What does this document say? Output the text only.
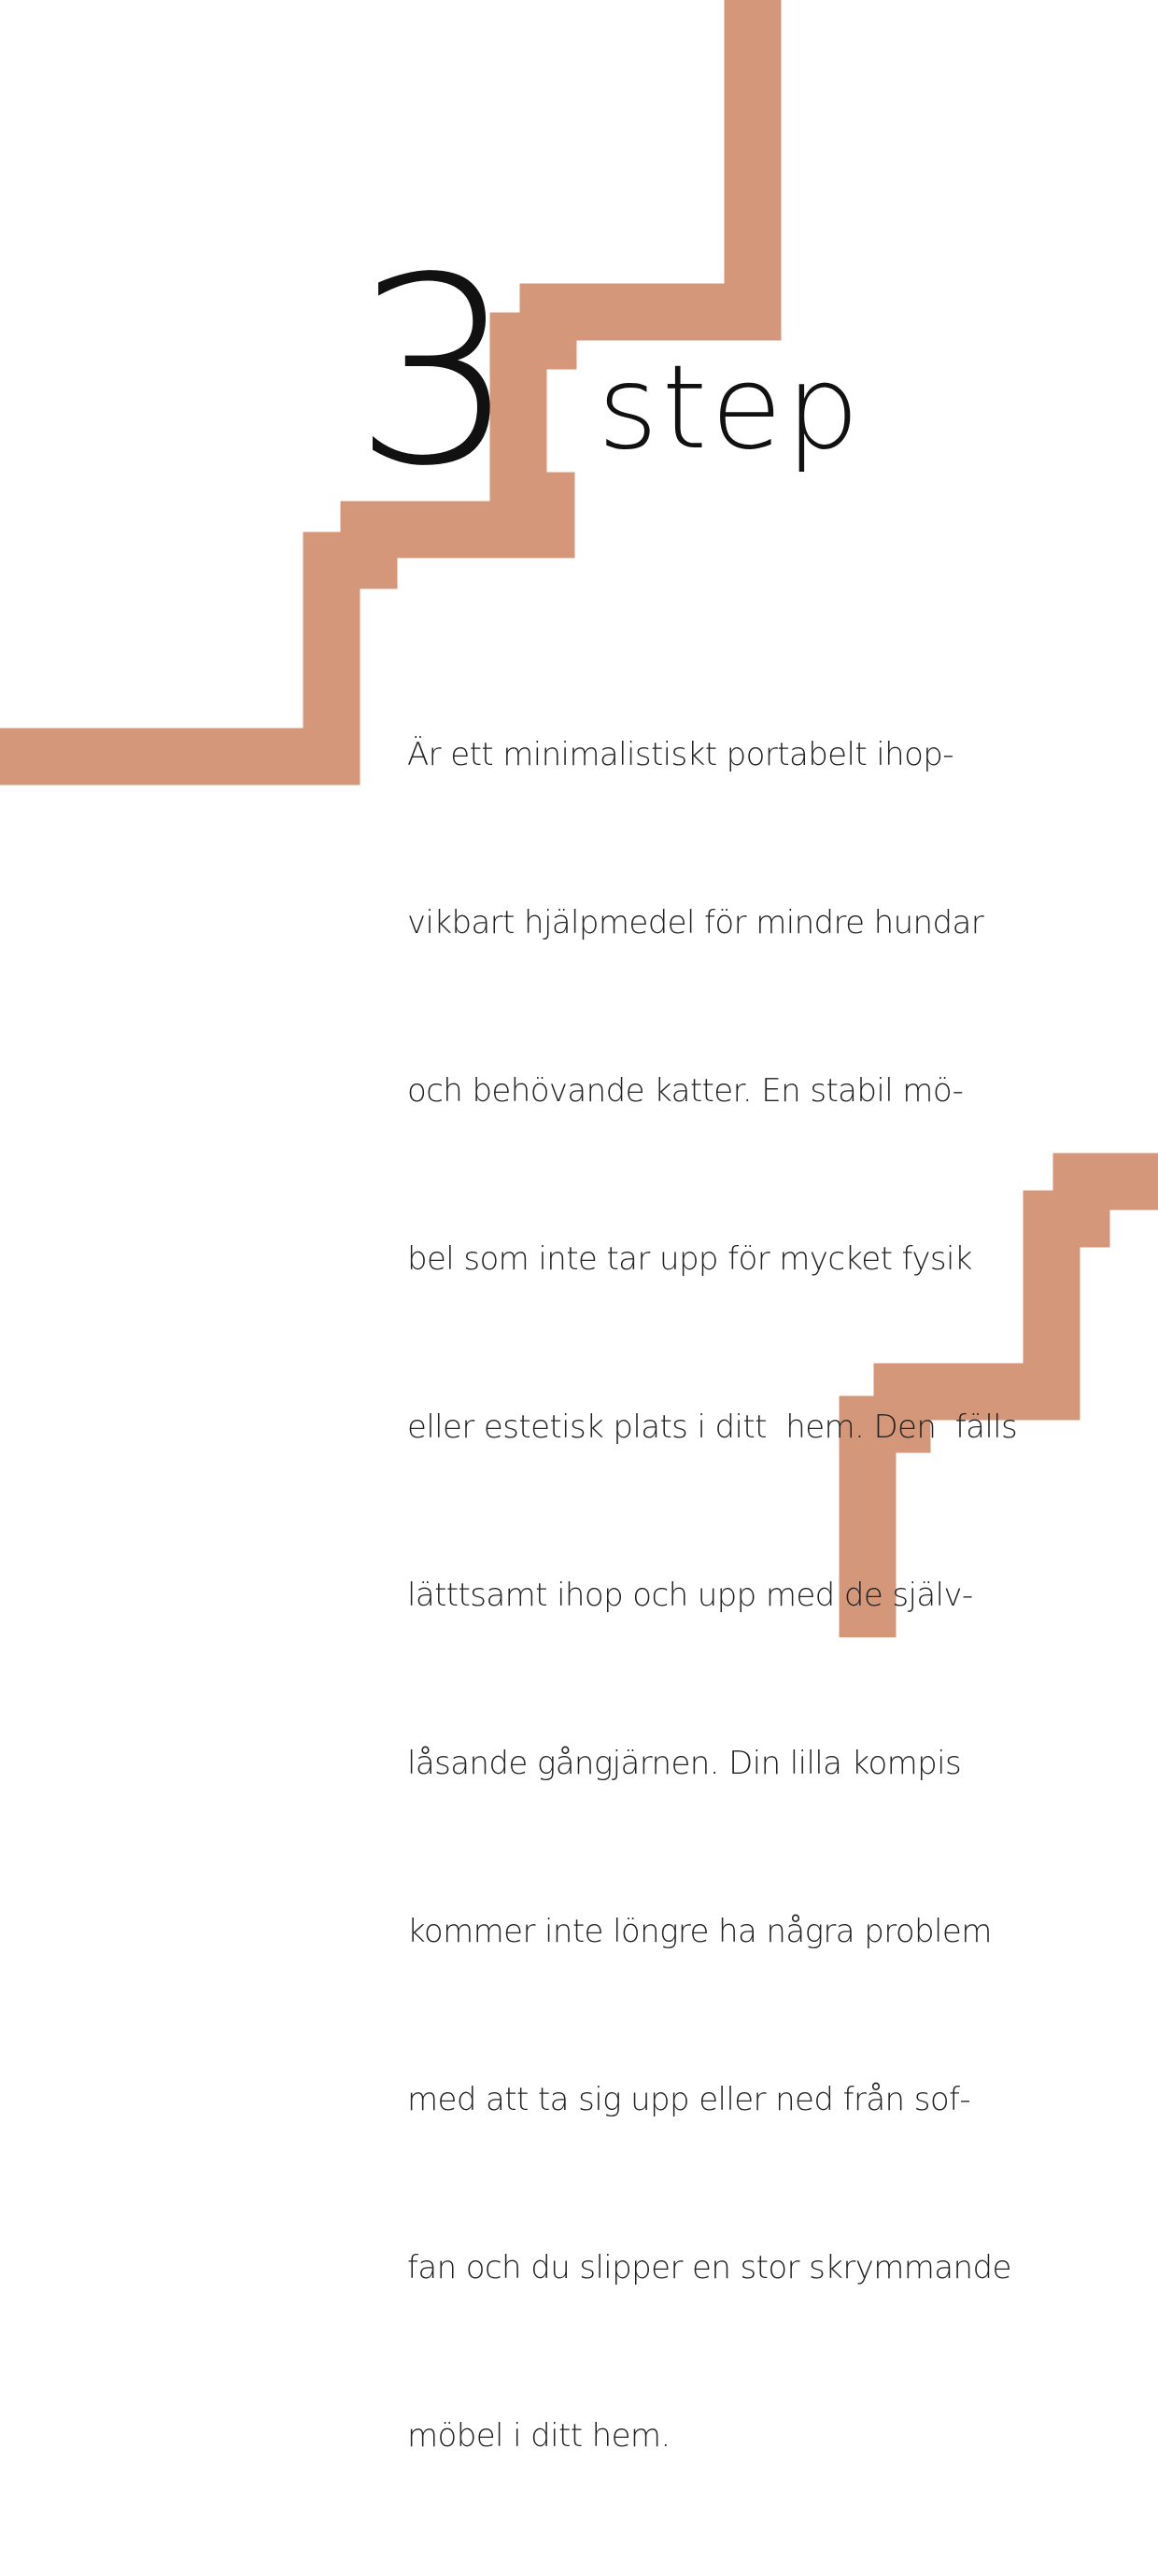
3 step

Är ett minimalistiskt portabelt ihop-

vikbart hjälpmedel för mindre hundar

och behövande katter. En stabil mö-

bel som inte tar upp för mycket fysik

eller estetisk plats i ditt  hem. Den  fälls

lätttsamt ihop och upp med de själv-

låsande gångjärnen. Din lilla kompis

kommer inte löngre ha några problem

med att ta sig upp eller ned från sof-

fan och du slipper en stor skrymmande

möbel i ditt hem.
